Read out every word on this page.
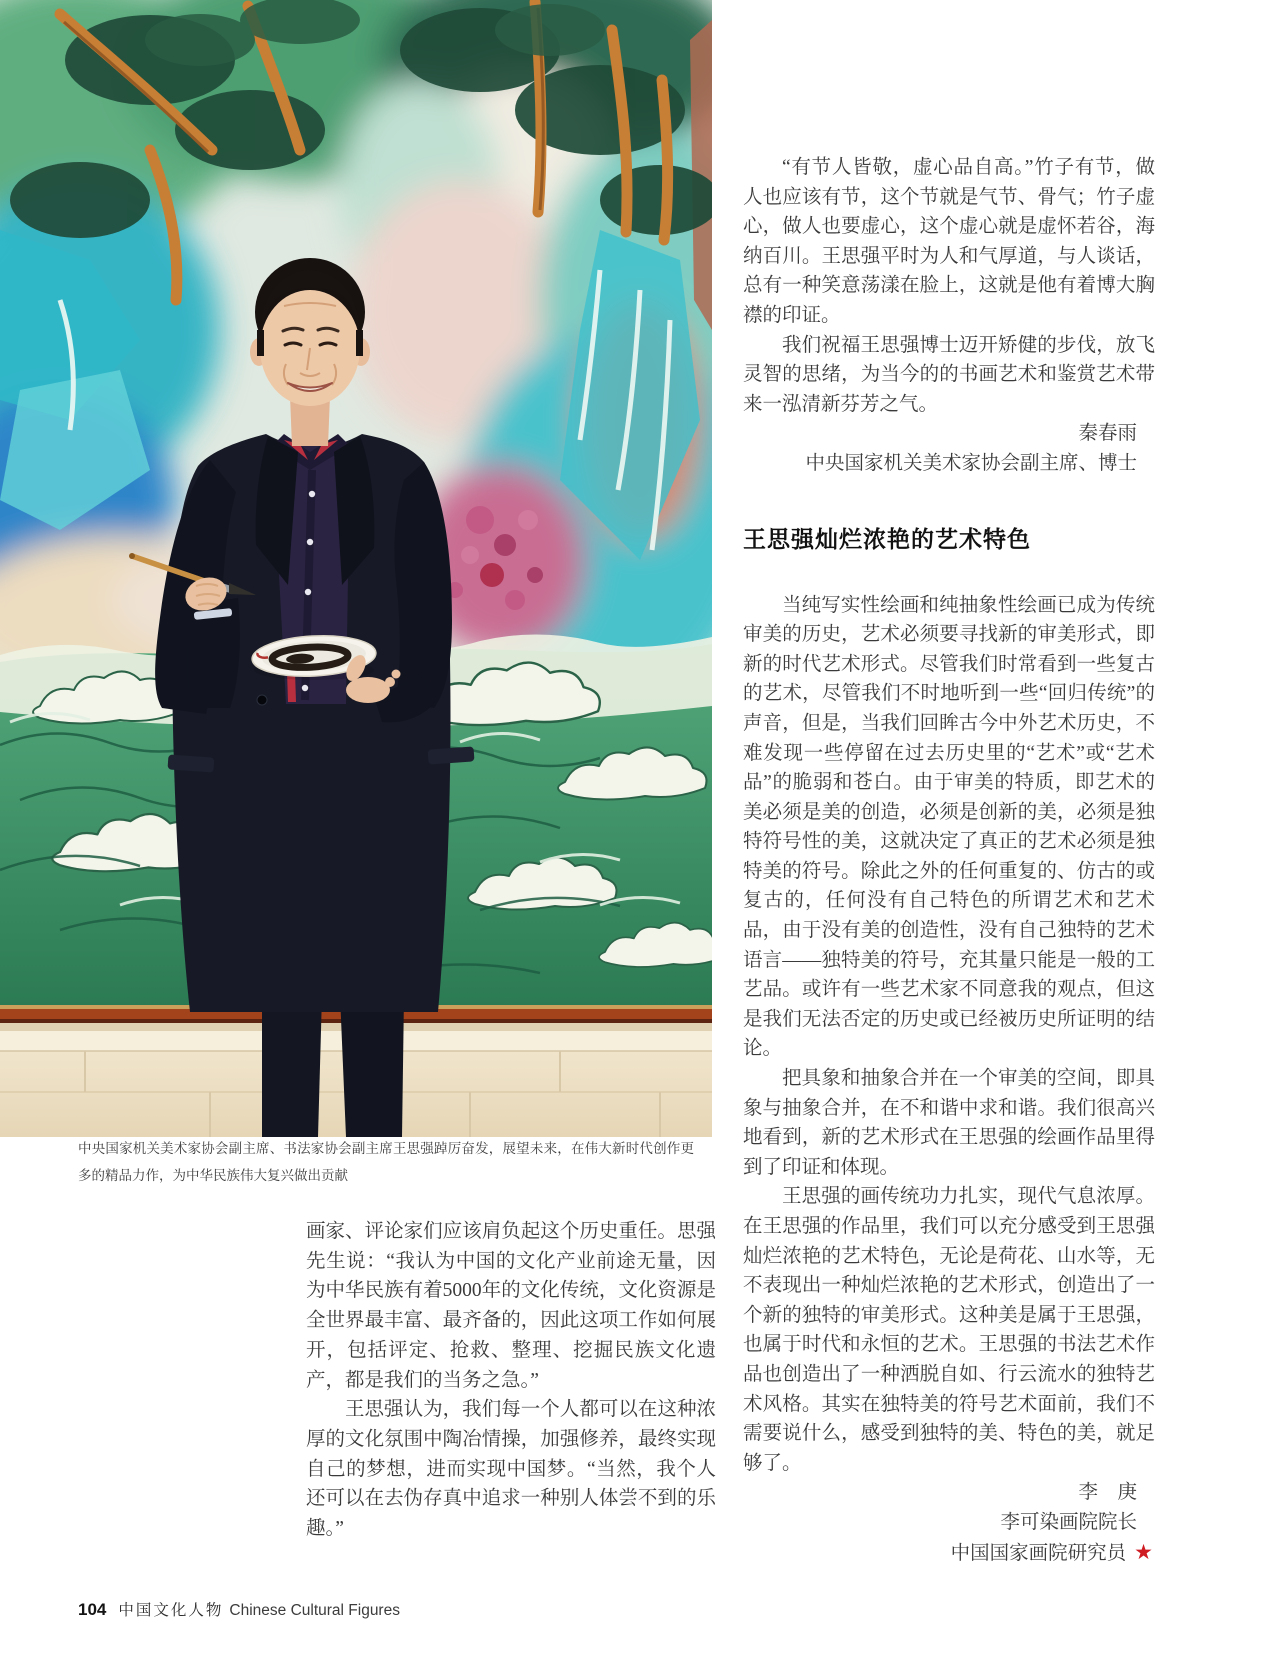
中央国家机关美术家协会副主席、书法家协会副主席王思强踔厉奋发，展望未来，在伟大新时代创作更多的精品力作，为中华民族伟大复兴做出贡献

画家、评论家们应该肩负起这个历史重任。思强先生说：“我认为中国的文化产业前途无量，因为中华民族有着5000年的文化传统，文化资源是全世界最丰富、最齐备的，因此这项工作如何展开，包括评定、抢救、整理、挖掘民族文化遗产，都是我们的当务之急。”

王思强认为，我们每一个人都可以在这种浓厚的文化氛围中陶冶情操，加强修养，最终实现自己的梦想，进而实现中国梦。“当然，我个人还可以在去伪存真中追求一种别人体尝不到的乐趣。”

“有节人皆敬，虚心品自高。”竹子有节，做人也应该有节，这个节就是气节、骨气；竹子虚心，做人也要虚心，这个虚心就是虚怀若谷，海纳百川。王思强平时为人和气厚道，与人谈话，总有一种笑意荡漾在脸上，这就是他有着博大胸襟的印证。

我们祝福王思强博士迈开矫健的步伐，放飞灵智的思绪，为当今的的书画艺术和鉴赏艺术带来一泓清新芬芳之气。

秦春雨

中央国家机关美术家协会副主席、博士

王思强灿烂浓艳的艺术特色

当纯写实性绘画和纯抽象性绘画已成为传统审美的历史，艺术必须要寻找新的审美形式，即新的时代艺术形式。尽管我们时常看到一些复古的艺术，尽管我们不时地听到一些“回归传统”的声音，但是，当我们回眸古今中外艺术历史，不难发现一些停留在过去历史里的“艺术”或“艺术品”的脆弱和苍白。由于审美的特质，即艺术的美必须是美的创造，必须是创新的美，必须是独特符号性的美，这就决定了真正的艺术必须是独特美的符号。除此之外的任何重复的、仿古的或复古的，任何没有自己特色的所谓艺术和艺术品，由于没有美的创造性，没有自己独特的艺术语言——独特美的符号，充其量只能是一般的工艺品。或许有一些艺术家不同意我的观点，但这是我们无法否定的历史或已经被历史所证明的结论。

把具象和抽象合并在一个审美的空间，即具象与抽象合并，在不和谐中求和谐。我们很高兴地看到，新的艺术形式在王思强的绘画作品里得到了印证和体现。

王思强的画传统功力扎实，现代气息浓厚。在王思强的作品里，我们可以充分感受到王思强灿烂浓艳的艺术特色，无论是荷花、山水等，无不表现出一种灿烂浓艳的艺术形式，创造出了一个新的独特的审美形式。这种美是属于王思强，也属于时代和永恒的艺术。王思强的书法艺术作品也创造出了一种洒脱自如、行云流水的独特艺术风格。其实在独特美的符号艺术面前，我们不需要说什么，感受到独特的美、特色的美，就足够了。

李　庚

李可染画院院长

中国国家画院研究员 ★

104 中国文化人物 Chinese Cultural Figures
